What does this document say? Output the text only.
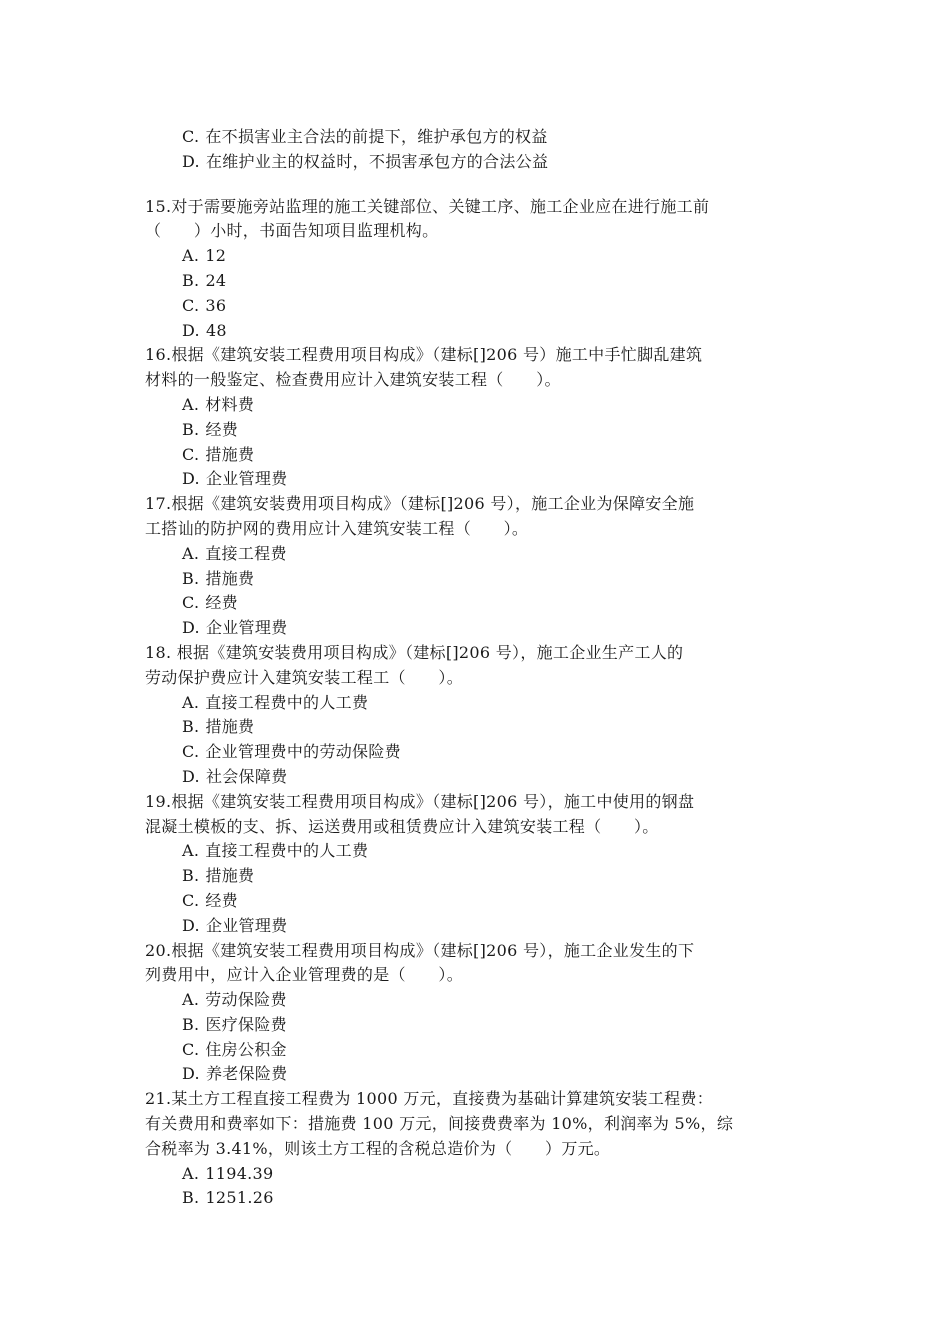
C. 在不损害业主合法的前提下，维护承包方的权益
D. 在维护业主的权益时，不损害承包方的合法公益
15.对于需要施旁站监理的施工关键部位、关键工序、施工企业应在进行施工前
（　　）小时，书面告知项目监理机构。
A. 12
B. 24
C. 36
D. 48
16.根据《建筑安装工程费用项目构成》（建标[]206 号）施工中手忙脚乱建筑
材料的一般鉴定、检查费用应计入建筑安装工程（　　）。
A. 材料费
B. 经费
C. 措施费
D. 企业管理费
17.根据《建筑安装费用项目构成》（建标[]206 号），施工企业为保障安全施
工搭讪的防护网的费用应计入建筑安装工程（　　）。
A. 直接工程费
B. 措施费
C. 经费
D. 企业管理费
18. 根据《建筑安装费用项目构成》（建标[]206 号），施工企业生产工人的
劳动保护费应计入建筑安装工程工（　　）。
A. 直接工程费中的人工费
B. 措施费
C. 企业管理费中的劳动保险费
D. 社会保障费
19.根据《建筑安装工程费用项目构成》（建标[]206 号），施工中使用的钢盘
混凝土模板的支、拆、运送费用或租赁费应计入建筑安装工程（　　）。
A. 直接工程费中的人工费
B. 措施费
C. 经费
D. 企业管理费
20.根据《建筑安装工程费用项目构成》（建标[]206 号），施工企业发生的下
列费用中，应计入企业管理费的是（　　）。
A. 劳动保险费
B. 医疗保险费
C. 住房公积金
D. 养老保险费
21.某土方工程直接工程费为 1000 万元，直接费为基础计算建筑安装工程费：
有关费用和费率如下：措施费 100 万元，间接费费率为 10%，利润率为 5%，综
合税率为 3.41%，则该土方工程的含税总造价为（　　）万元。
A. 1194.39
B. 1251.26
